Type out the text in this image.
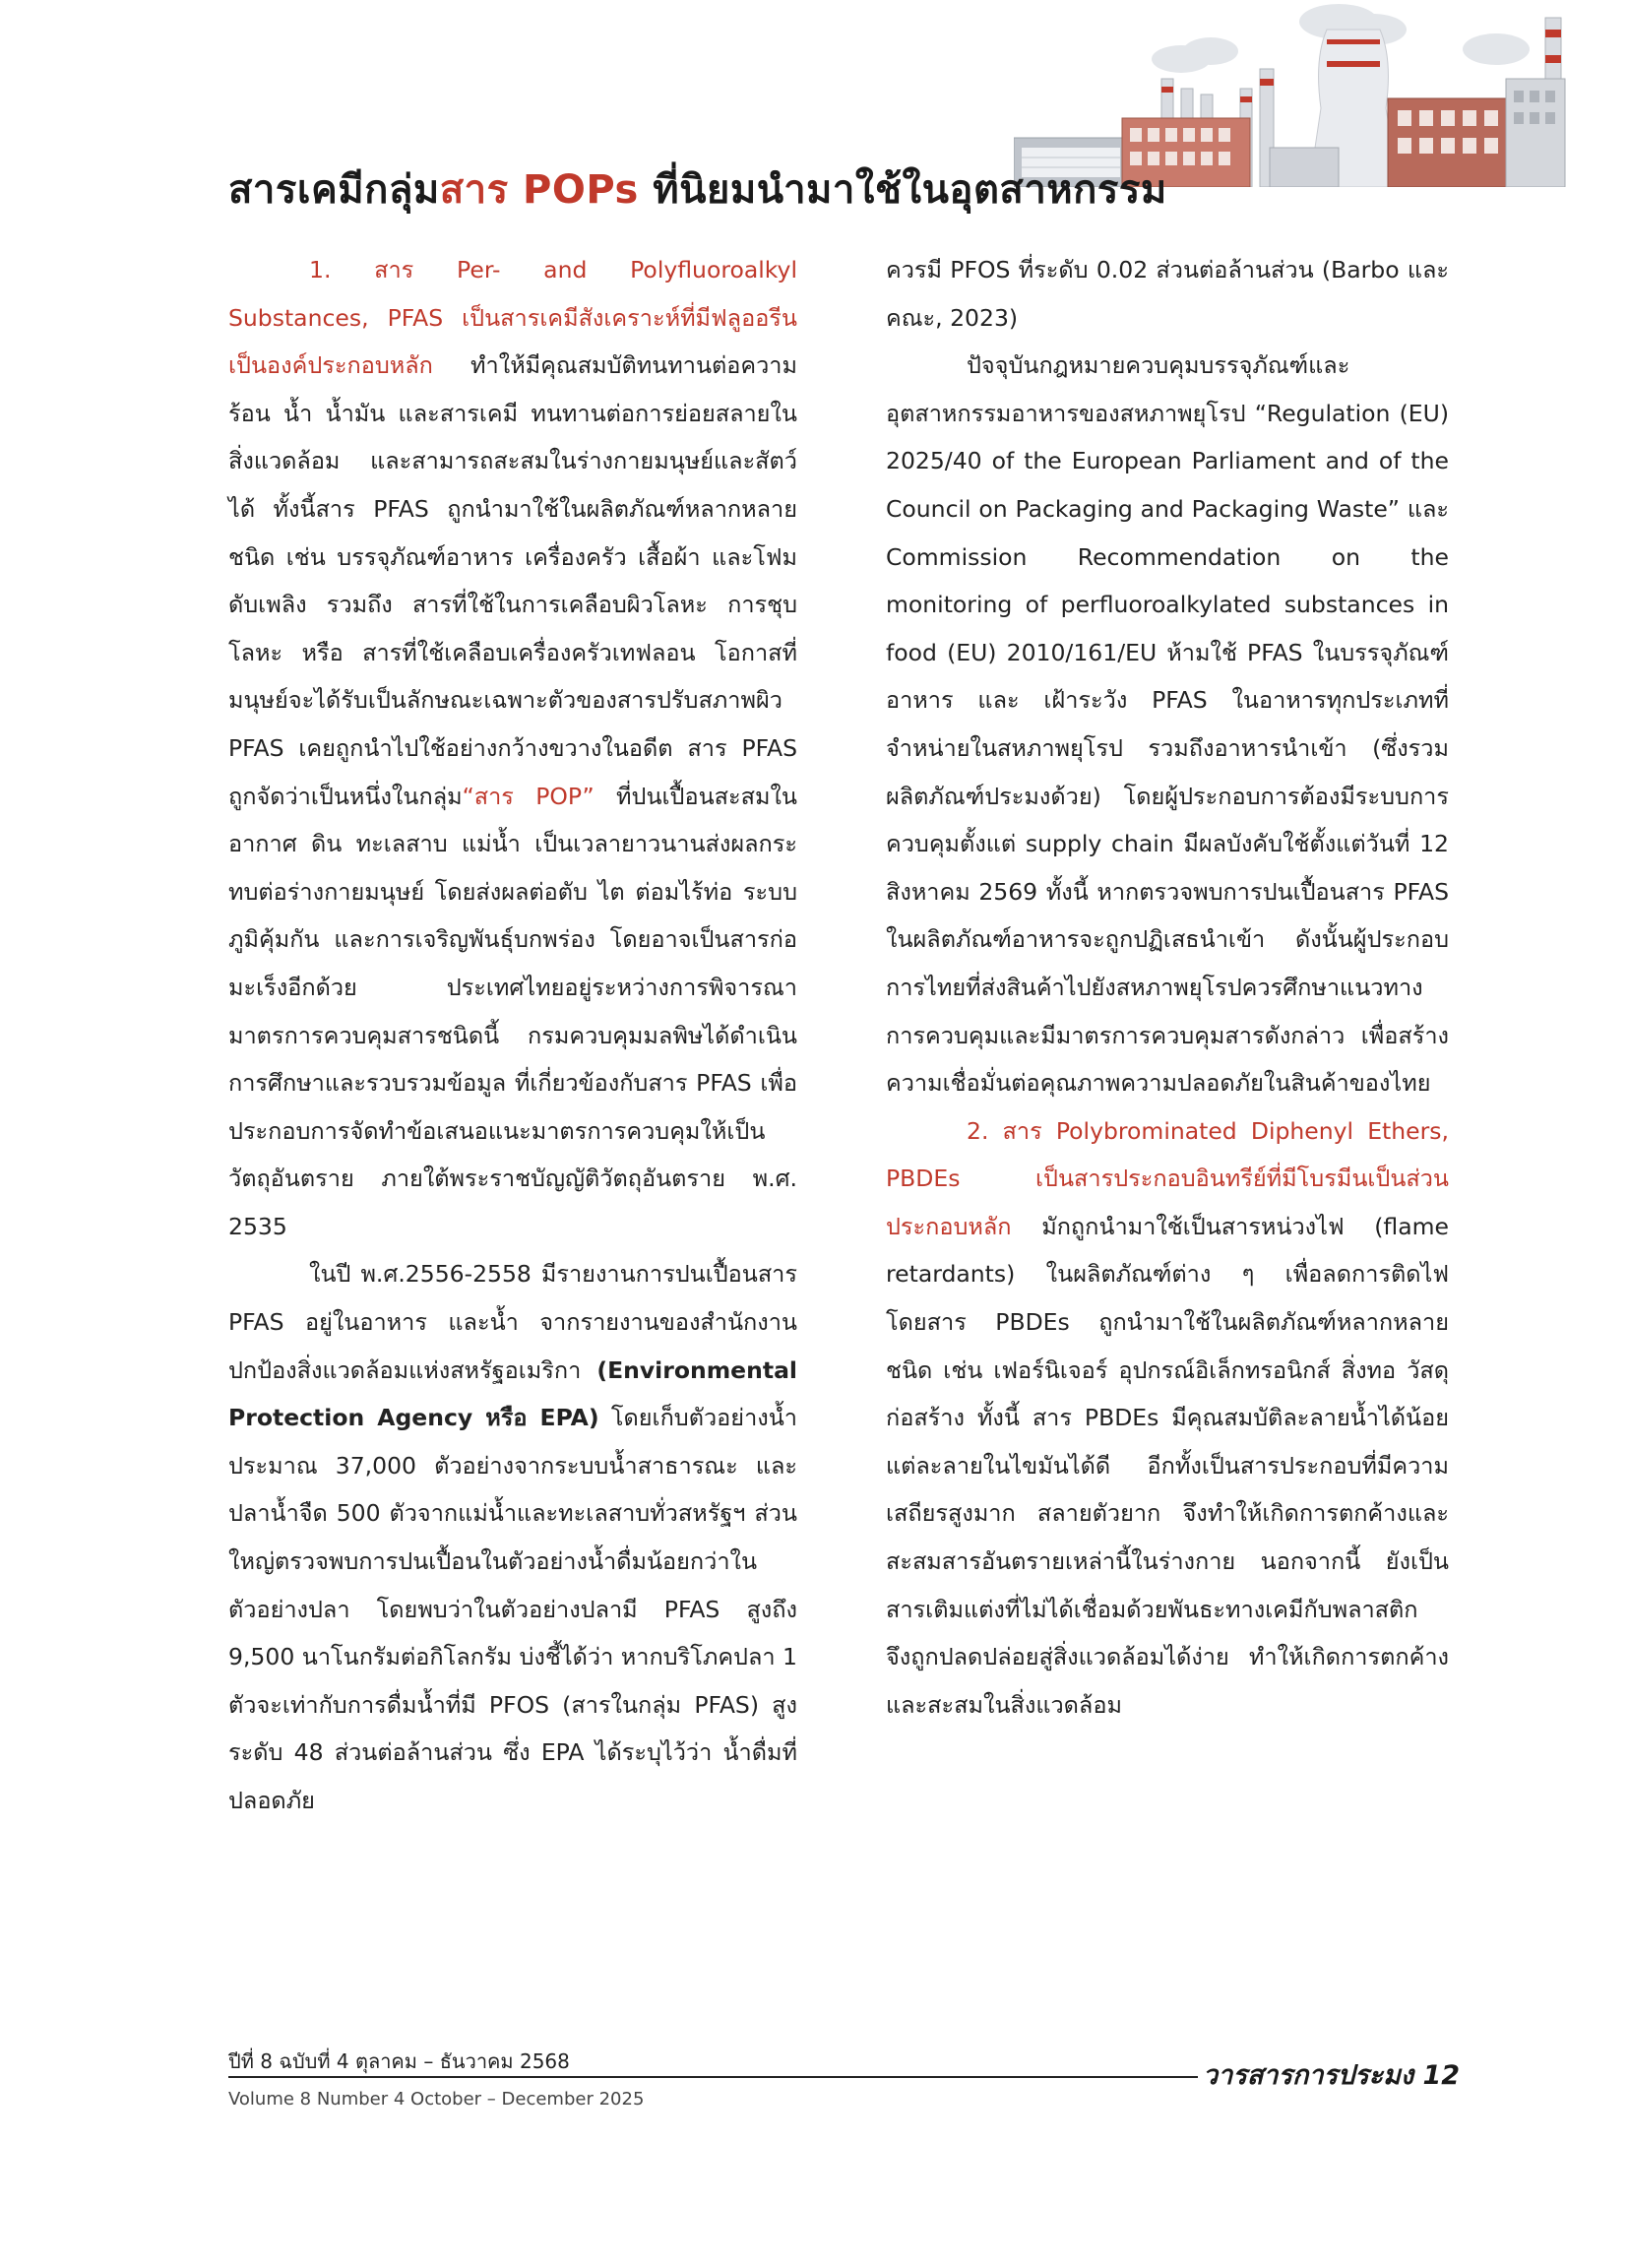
สารเคมีกลุ่มสาร POPs ที่นิยมนำมาใช้ในอุตสาหกรรม

1. สาร Per- and Polyfluoroalkyl Substances, PFAS เป็นสารเคมีสังเคราะห์ที่มีฟลูออรีนเป็นองค์ประกอบหลัก ทำให้มีคุณสมบัติทนทานต่อความร้อน น้ำ น้ำมัน และสารเคมี ทนทานต่อการย่อยสลายในสิ่งแวดล้อม และสามารถสะสมในร่างกายมนุษย์และสัตว์ได้ ทั้งนี้สาร PFAS ถูกนำมาใช้ในผลิตภัณฑ์หลากหลายชนิด เช่น บรรจุภัณฑ์อาหาร เครื่องครัว เสื้อผ้า และโฟมดับเพลิง รวมถึง สารที่ใช้ในการเคลือบผิวโลหะ การชุบโลหะ หรือ สารที่ใช้เคลือบเครื่องครัวเทฟลอน โอกาสที่มนุษย์จะได้รับเป็นลักษณะเฉพาะตัวของสารปรับสภาพผิว PFAS เคยถูกนำไปใช้อย่างกว้างขวางในอดีต สาร PFAS ถูกจัดว่าเป็นหนึ่งในกลุ่ม“สาร POP” ที่ปนเปื้อนสะสมในอากาศ ดิน ทะเลสาบ แม่น้ำ เป็นเวลายาวนานส่งผลกระทบต่อร่างกายมนุษย์ โดยส่งผลต่อตับ ไต ต่อมไร้ท่อ ระบบภูมิคุ้มกัน และการเจริญพันธุ์บกพร่อง โดยอาจเป็นสารก่อมะเร็งอีกด้วย ประเทศไทยอยู่ระหว่างการพิจารณามาตรการควบคุมสารชนิดนี้ กรมควบคุมมลพิษได้ดำเนินการศึกษาและรวบรวมข้อมูล ที่เกี่ยวข้องกับสาร PFAS เพื่อประกอบการจัดทำข้อเสนอแนะมาตรการควบคุมให้เป็นวัตถุอันตราย ภายใต้พระราชบัญญัติวัตถุอันตราย พ.ศ. 2535

ในปี พ.ศ.2556-2558 มีรายงานการปนเปื้อนสาร PFAS อยู่ในอาหาร และน้ำ จากรายงานของสำนักงานปกป้องสิ่งแวดล้อมแห่งสหรัฐอเมริกา (Environmental Protection Agency หรือ EPA) โดยเก็บตัวอย่างน้ำ ประมาณ 37,000 ตัวอย่างจากระบบน้ำสาธารณะ และปลาน้ำจืด 500 ตัวจากแม่น้ำและทะเลสาบทั่วสหรัฐฯ ส่วนใหญ่ตรวจพบการปนเปื้อนในตัวอย่างน้ำดื่มน้อยกว่าในตัวอย่างปลา โดยพบว่าในตัวอย่างปลามี PFAS สูงถึง 9,500 นาโนกรัมต่อกิโลกรัม บ่งชี้ได้ว่า หากบริโภคปลา 1 ตัวจะเท่ากับการดื่มน้ำที่มี PFOS (สารในกลุ่ม PFAS) สูงระดับ 48 ส่วนต่อล้านส่วน ซึ่ง EPA ได้ระบุไว้ว่า น้ำดื่มที่ปลอดภัย

ควรมี PFOS ที่ระดับ 0.02 ส่วนต่อล้านส่วน (Barbo และคณะ, 2023)

ปัจจุบันกฎหมายควบคุมบรรจุภัณฑ์และอุตสาหกรรมอาหารของสหภาพยุโรป “Regulation (EU) 2025/40 of the European Parliament and of the Council on Packaging and Packaging Waste” และ Commission Recommendation on the monitoring of perfluoroalkylated substances in food (EU) 2010/161/EU ห้ามใช้ PFAS ในบรรจุภัณฑ์อาหาร และ เฝ้าระวัง PFAS ในอาหารทุกประเภทที่จำหน่ายในสหภาพยุโรป รวมถึงอาหารนำเข้า (ซึ่งรวมผลิตภัณฑ์ประมงด้วย) โดยผู้ประกอบการต้องมีระบบการควบคุมตั้งแต่ supply chain มีผลบังคับใช้ตั้งแต่วันที่ 12 สิงหาคม 2569 ทั้งนี้ หากตรวจพบการปนเปื้อนสาร PFAS ในผลิตภัณฑ์อาหารจะถูกปฏิเสธนำเข้า ดังนั้นผู้ประกอบการไทยที่ส่งสินค้าไปยังสหภาพยุโรปควรศึกษาแนวทางการควบคุมและมีมาตรการควบคุมสารดังกล่าว เพื่อสร้างความเชื่อมั่นต่อคุณภาพความปลอดภัยในสินค้าของไทย

2. สาร Polybrominated Diphenyl Ethers, PBDEs เป็นสารประกอบอินทรีย์ที่มีโบรมีนเป็นส่วนประกอบหลัก มักถูกนำมาใช้เป็นสารหน่วงไฟ (flame retardants) ในผลิตภัณฑ์ต่าง ๆ เพื่อลดการติดไฟ โดยสาร PBDEs ถูกนำมาใช้ในผลิตภัณฑ์หลากหลายชนิด เช่น เฟอร์นิเจอร์ อุปกรณ์อิเล็กทรอนิกส์ สิ่งทอ วัสดุก่อสร้าง ทั้งนี้ สาร PBDEs มีคุณสมบัติละลายน้ำได้น้อย แต่ละลายในไขมันได้ดี อีกทั้งเป็นสารประกอบที่มีความเสถียรสูงมาก สลายตัวยาก จึงทำให้เกิดการตกค้างและสะสมสารอันตรายเหล่านี้ในร่างกาย นอกจากนี้ ยังเป็นสารเติมแต่งที่ไม่ได้เชื่อมด้วยพันธะทางเคมีกับพลาสติก จึงถูกปลดปล่อยสู่สิ่งแวดล้อมได้ง่าย ทำให้เกิดการตกค้างและสะสมในสิ่งแวดล้อม

ปีที่ 8 ฉบับที่ 4 ตุลาคม – ธันวาคม 2568	วารสารการประมง 12
Volume 8 Number 4 October – December 2025
